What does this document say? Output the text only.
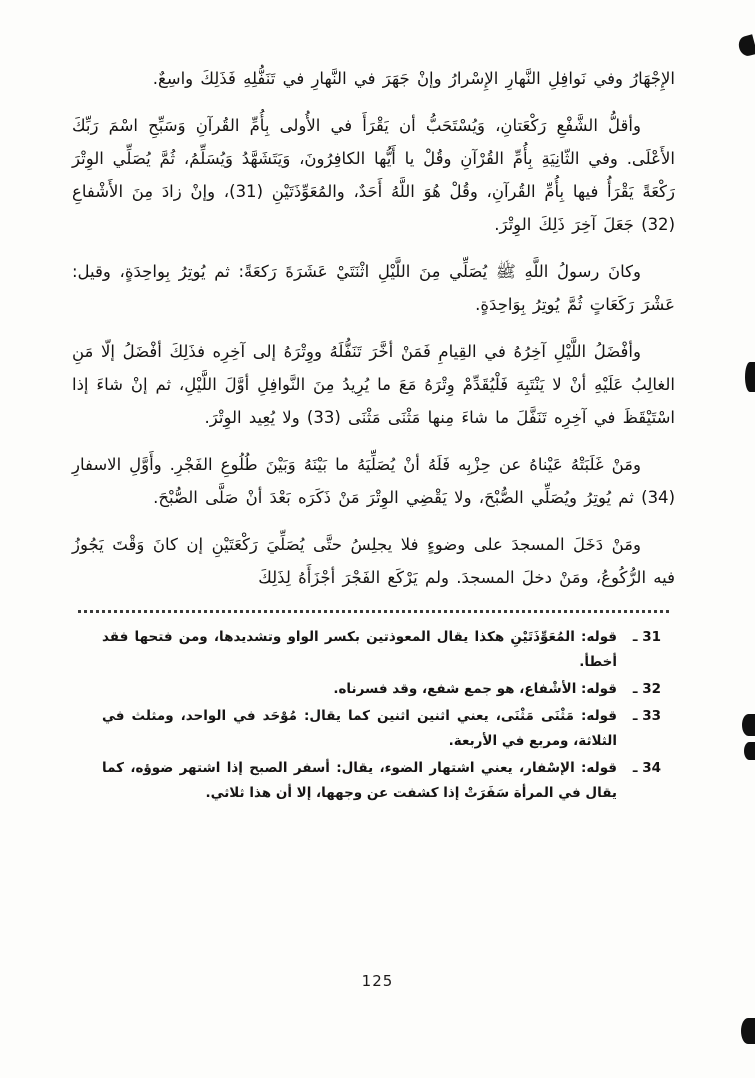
الإِجْهَارُ وفي نَوافِلِ النَّهارِ الإِسْرارُ وإنْ جَهَرَ في النَّهارِ في تَنَفُّلِهِ فَذَلِكَ واسِعٌ.

وأقلُّ الشَّفْعِ رَكْعَتانِ، وَيُسْتَحَبُّ أن يَقْرَأَ في الأُولى بِأُمِّ القُرآنِ وَسَبِّحِ اسْمَ رَبِّكَ الأَعْلَى. وفي الثّانِيَةِ بِأُمِّ القُرْآنِ وقُلْ يا أَيُّها الكافِرُونَ، وَيَتَشَهَّدُ وَيُسَلِّمُ، ثُمَّ يُصَلِّي الوِتْرَ رَكْعَةً يَقْرَأُ فيها بِأُمِّ القُرآنِ، وقُلْ هُوَ اللَّهُ أَحَدٌ، والمُعَوِّذَتَيْنِ (31)، وإنْ زادَ مِنَ الأَشْفاعِ (32) جَعَلَ آخِرَ ذَلِكَ الوِتْرَ.

وكانَ رسولُ اللَّهِ ﷺ يُصَلِّي مِنَ اللَّيْلِ اثْنَتَيْ عَشَرَةَ رَكعَةً: ثم يُوتِرُ بِواحِدَةٍ، وقيل: عَشْرَ رَكَعَاتٍ ثُمَّ يُوتِرُ بِوَاحِدَةٍ.

وأفْضَلُ اللَّيْلِ آخِرُهُ في القِيامِ فَمَنْ أخَّرَ تَنَفُّلَهُ ووِتْرَهُ إلى آخِرِه فذَلِكَ أفْضَلُ إلّا مَنِ الغالِبُ عَلَيْهِ أنْ لا يَنْتَبِهَ فَلْيُقَدِّمْ وِتْرَهُ مَعَ ما يُرِيدُ مِنَ النَّوافِلِ أوَّلَ اللَّيْلِ، ثم إنْ شاءَ إذا اسْتَيْقَظَ في آخِرِه تَنَفَّلَ ما شاءَ مِنها مَثْنَى مَثْنَى (33) ولا يُعِيد الوِتْرَ.

ومَنْ غَلَبَتْهُ عَيْناهُ عن حِزْبِه فَلَهُ أنْ يُصَلِّيَهُ ما بَيْنَهُ وَبَيْنَ طُلُوعِ الفَجْرِ. وأَوَّلِ الاسفارِ (34) ثم يُوتِرُ ويُصَلِّي الصُّبْحَ، ولا يَقْضِي الوِتْرَ مَنْ ذَكَرَه بَعْدَ أنْ صَلَّى الصُّبْحَ.

ومَنْ دَخَلَ المسجدَ على وضوءٍ فلا يجلِسُ حتَّى يُصَلِّيَ رَكْعَتَيْنِ إن كانَ وَقْتَ يَجُوزُ فيه الرُّكُوعُ، ومَنْ دخلَ المسجدَ. ولم يَرْكَع الفَجْرَ أجْزَأَهُ لِذَلِكَ

31 ـ
قوله: المُعَوِّذَتَيْنِ هكذا يقال المعوذتين بكسر الواو وتشديدها، ومن فتحها فقد أخطأ.
32 ـ
قوله: الأشْفاع، هو جمع شفع، وقد فسرناه.
33 ـ
قوله: مَثْنَى مَثْنَى، يعني اثنين اثنين كما يقال: مُوْحَد في الواحد، ومثلث في الثلاثة، ومربع في الأربعة.
34 ـ
قوله: الإسْفار، يعني اشتهار الضوء، يقال: أسفر الصبح إذا اشتهر ضوؤه، كما يقال في المرأة سَفَرَتْ إذا كشفت عن وجهها، إلا أن هذا ثلاثي.
125
